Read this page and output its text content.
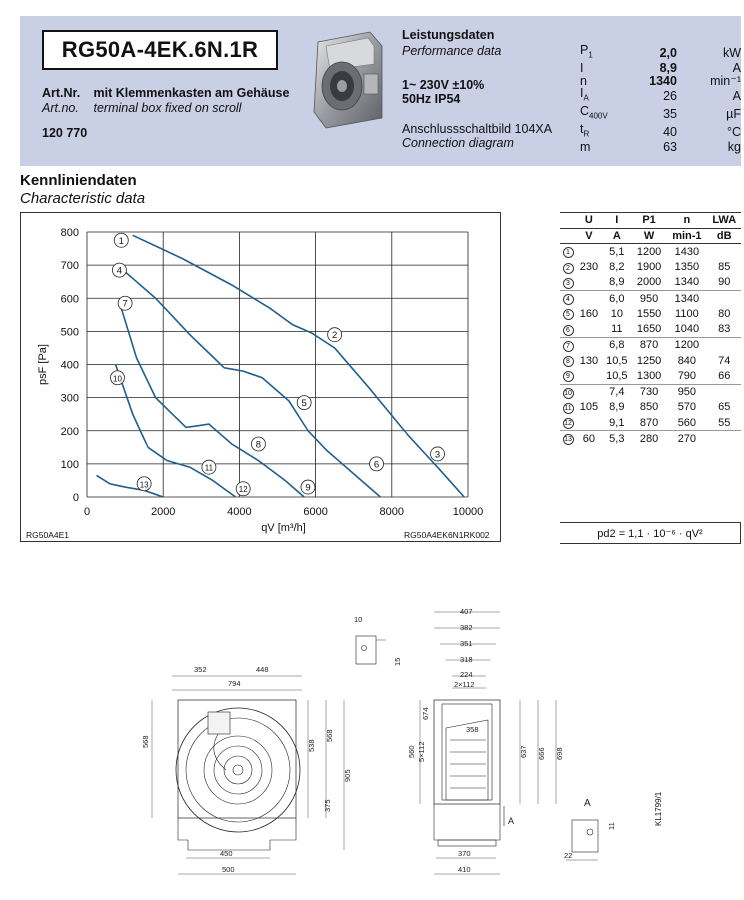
RG50A-4EK.6N.1R
Art.Nr. mit Klemmenkasten am Gehäuse
Art.no. terminal box fixed on scroll
120 770
Leistungsdaten
Performance data
1~ 230V ±10%
50Hz IP54
Anschlussschaltbild 104XA
Connection diagram
$P_1$	2,0	kW
I	8,9	A
n	1340	min⁻¹
$I_A$	26	A
$C_{400V}$	35	µF
$t_R$	40	°C
m	63	kg
Kennliniendaten
Characteristic data
0	2000	4000	6000	8000	10000
0
100
200
300
400
500
600
700
800
qV [m³/h]
psF [Pa]
1
2
3
4
5
6
7
8
9
10
11
12
13
RG50A4E1	RG50A4EK6N1RK002
	U	I	P1	n	LWA
	V	A	W	min-1	dB
1		5,1	1200	1430	
2	230	8,2	1900	1350	85
3		8,9	2000	1340	90
4		6,0	950	1340	
5	160	10	1550	1100	80
6		11	1650	1040	83
7		6,8	870	1200	
8	130	10,5	1250	840	74
9		10,5	1300	790	66
10		7,4	730	950	
11	105	8,9	850	570	65
12		9,1	870	560	55
13	60	5,3	280	270	
pd2 = 1,1 · 10⁻⁶ · qV²
794
352	448
568	538
568
905
375
450
500
10
15
407
382
351
318
224
2×112
674
358
560 5×112	637 666 698
370
410
A
A
11
22
KL1799/1
